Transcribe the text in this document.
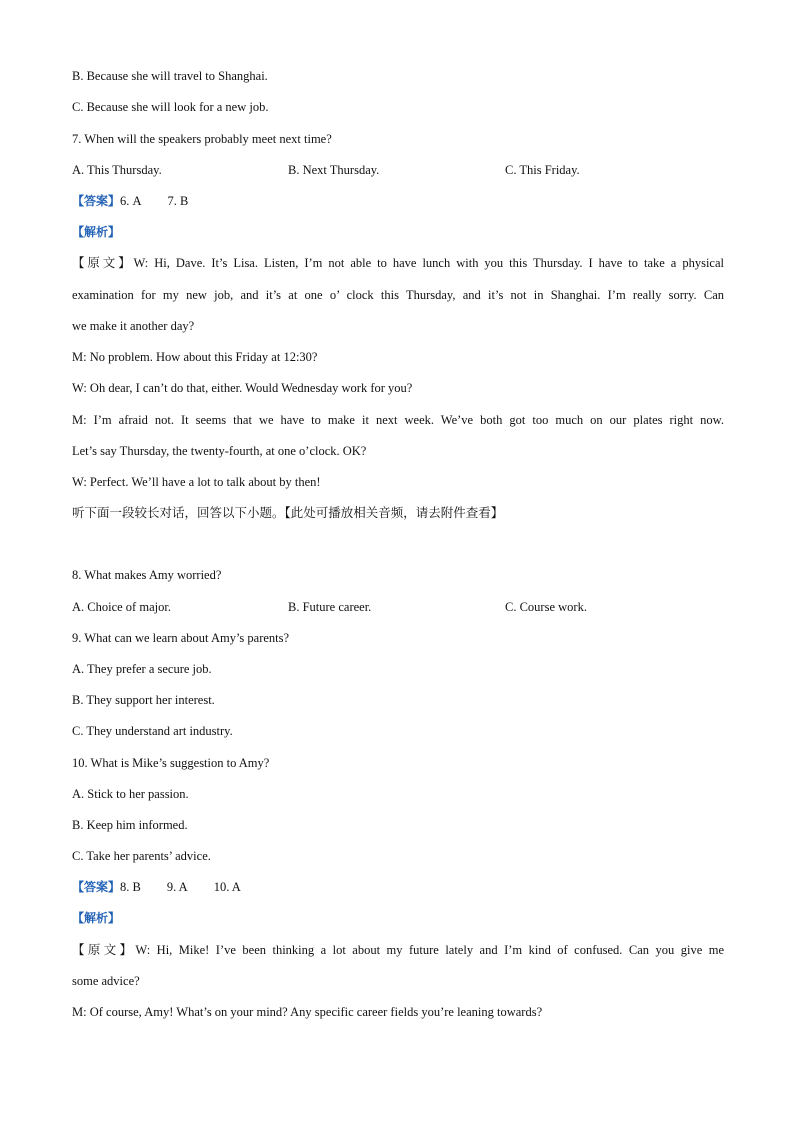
B. Because she will travel to Shanghai.
C. Because she will look for a new job.
7. When will the speakers probably meet next time?
A. This Thursday.	B. Next Thursday.	C. This Friday.
【答案】6. A 7. B
【解析】
【原文】W: Hi, Dave. It’s Lisa. Listen, I’m not able to have lunch with you this Thursday. I have to take a physical
examination for my new job, and it’s at one o’ clock this Thursday, and it’s not in Shanghai. I’m really sorry. Can
we make it another day?
M: No problem. How about this Friday at 12:30?
W: Oh dear, I can’t do that, either. Would Wednesday work for you?
M: I’m afraid not. It seems that we have to make it next week. We’ve both got too much on our plates right now.
Let’s say Thursday, the twenty-fourth, at one o’clock. OK?
W: Perfect. We’ll have a lot to talk about by then!
听下面一段较长对话，回答以下小题。【此处可播放相关音频，请去附件查看】
8. What makes Amy worried?
A. Choice of major.	B. Future career.	C. Course work.
9. What can we learn about Amy’s parents?
A. They prefer a secure job.
B. They support her interest.
C. They understand art industry.
10. What is Mike’s suggestion to Amy?
A. Stick to her passion.
B. Keep him informed.
C. Take her parents’ advice.
【答案】8. B 9. A 10. A
【解析】
【原文】W: Hi, Mike! I’ve been thinking a lot about my future lately and I’m kind of confused. Can you give me
some advice?
M: Of course, Amy! What’s on your mind? Any specific career fields you’re leaning towards?
